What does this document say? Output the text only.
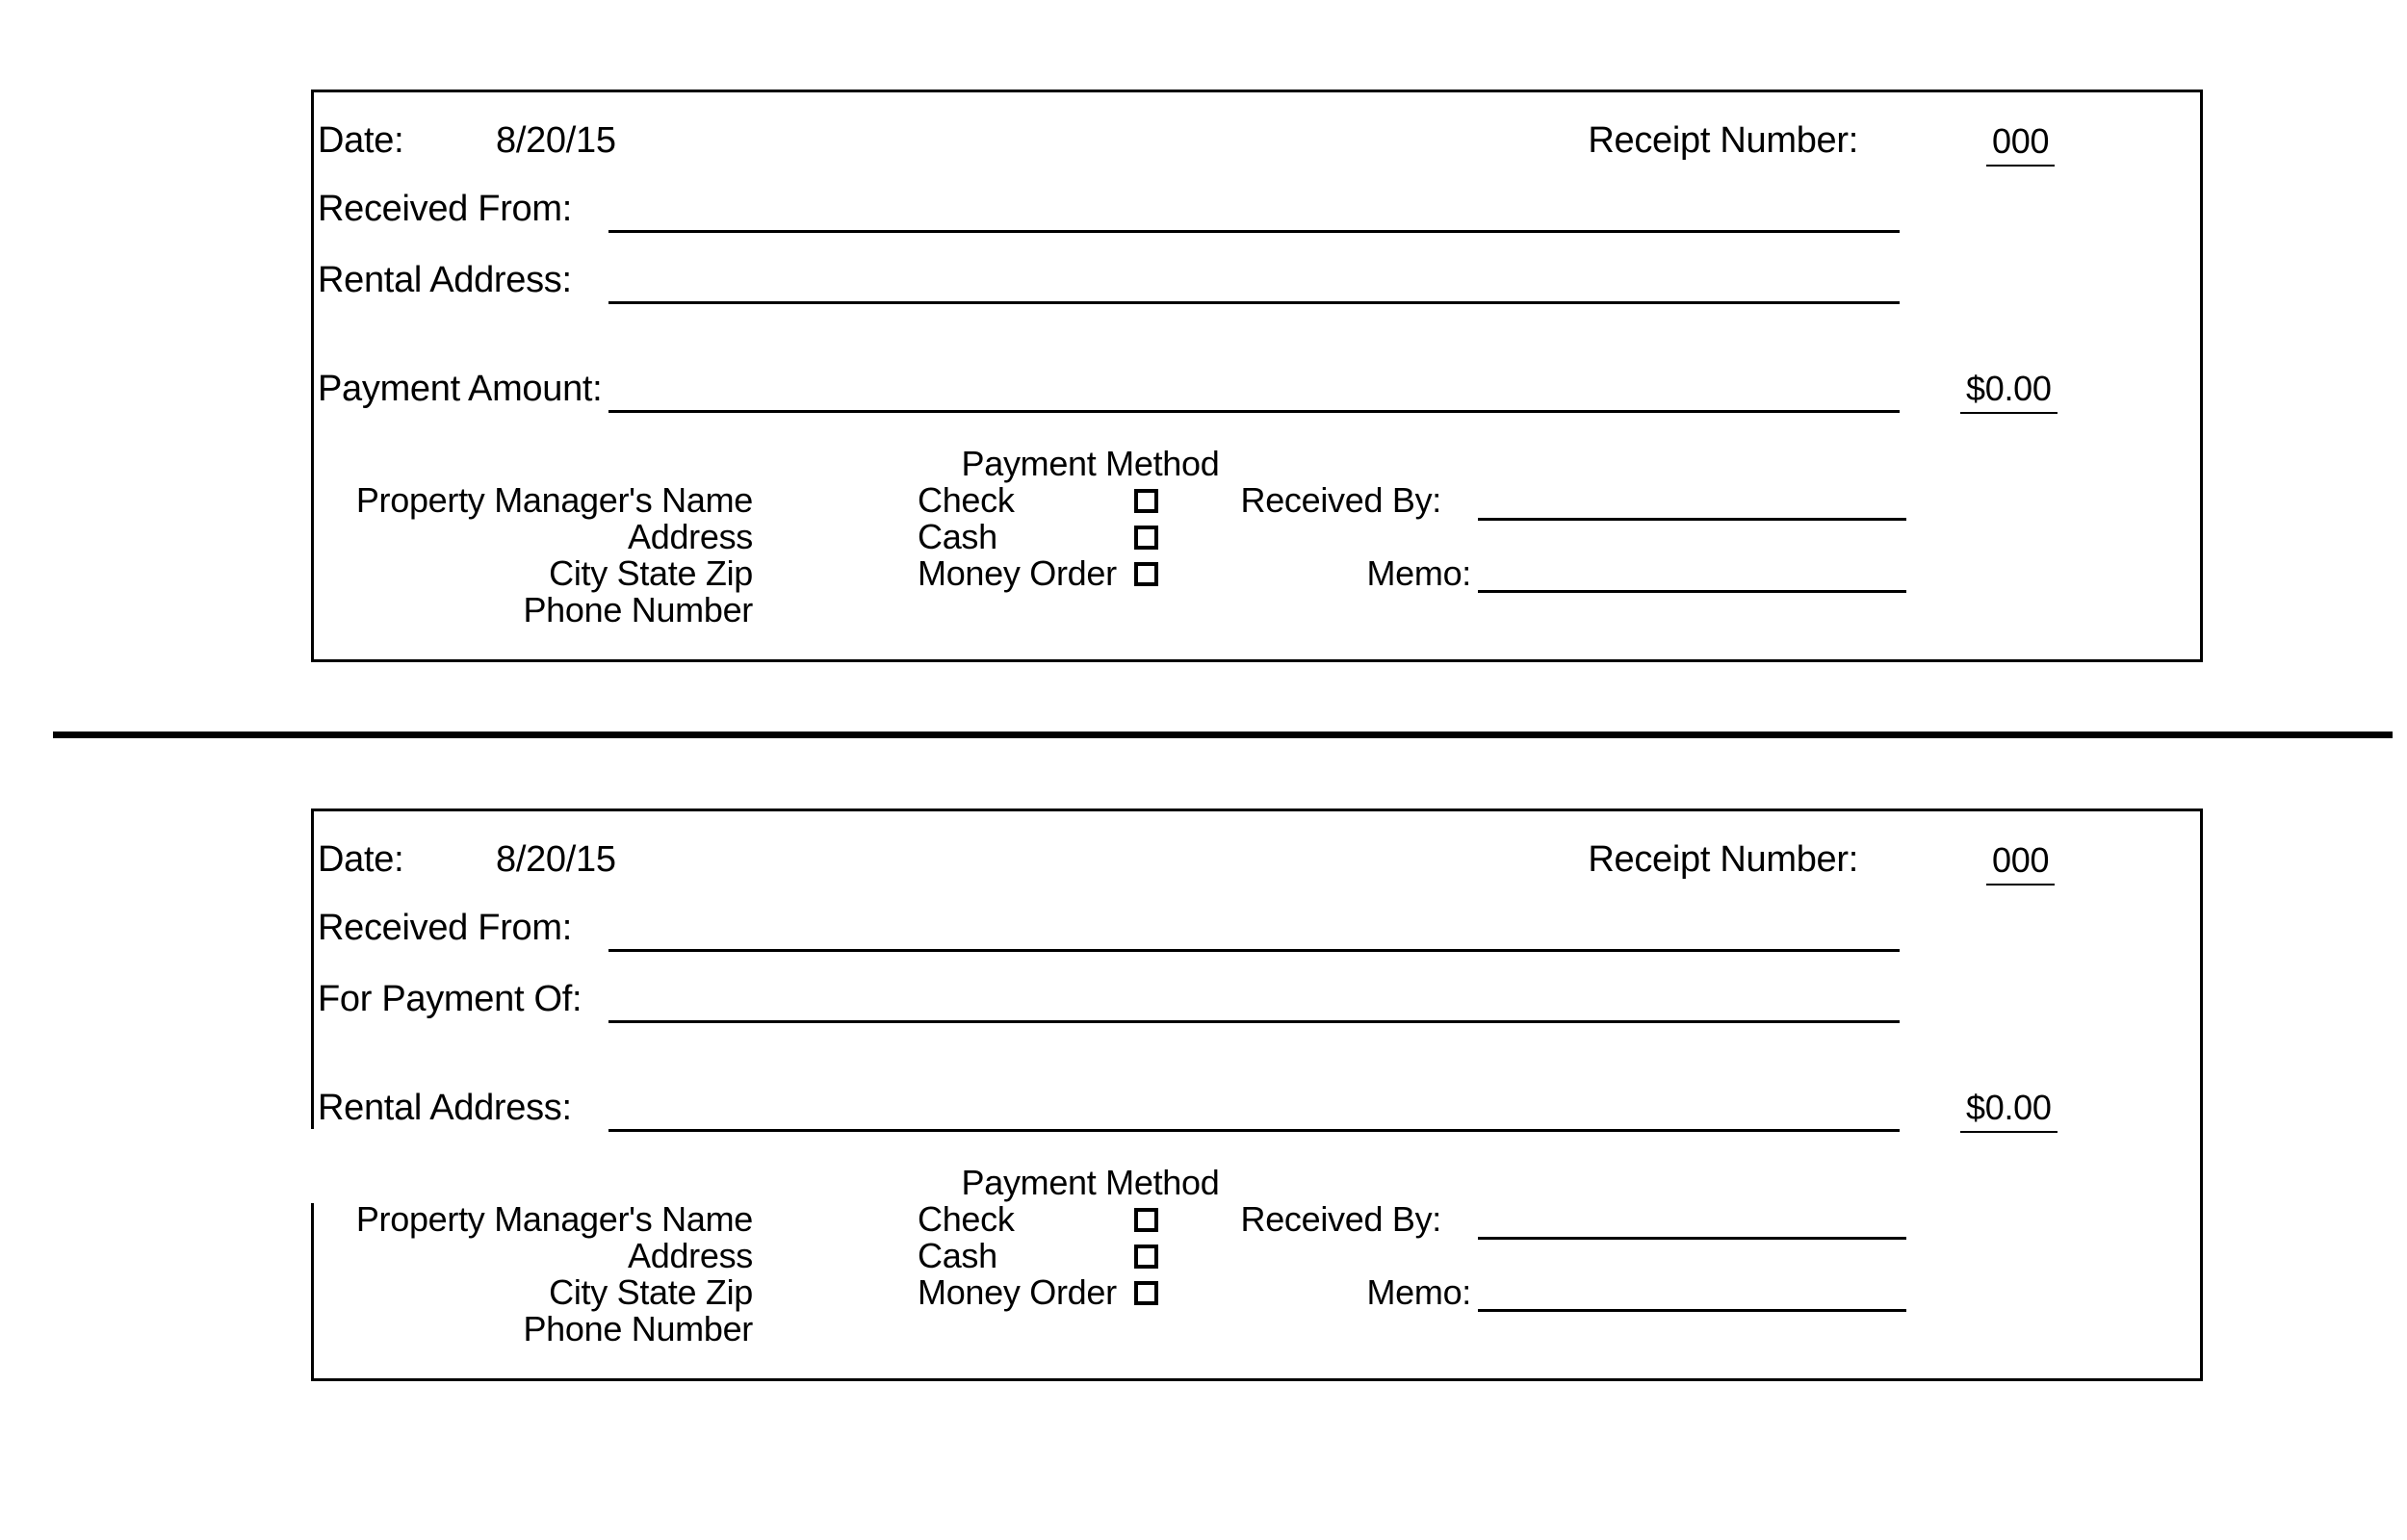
Date:	8/20/15	Receipt Number:	000
Received From:
Rental Address:
Payment Amount:	$0.00
Payment Method
Check
Cash
Money Order
Property Manager's Name
Address
City State Zip
Phone Number
Received By:
Memo:
Date:	8/20/15	Receipt Number:	000
Received From:
For Payment Of:
Rental Address:	$0.00
Payment Method
Check
Cash
Money Order
Property Manager's Name
Address
City State Zip
Phone Number
Received By:
Memo:
